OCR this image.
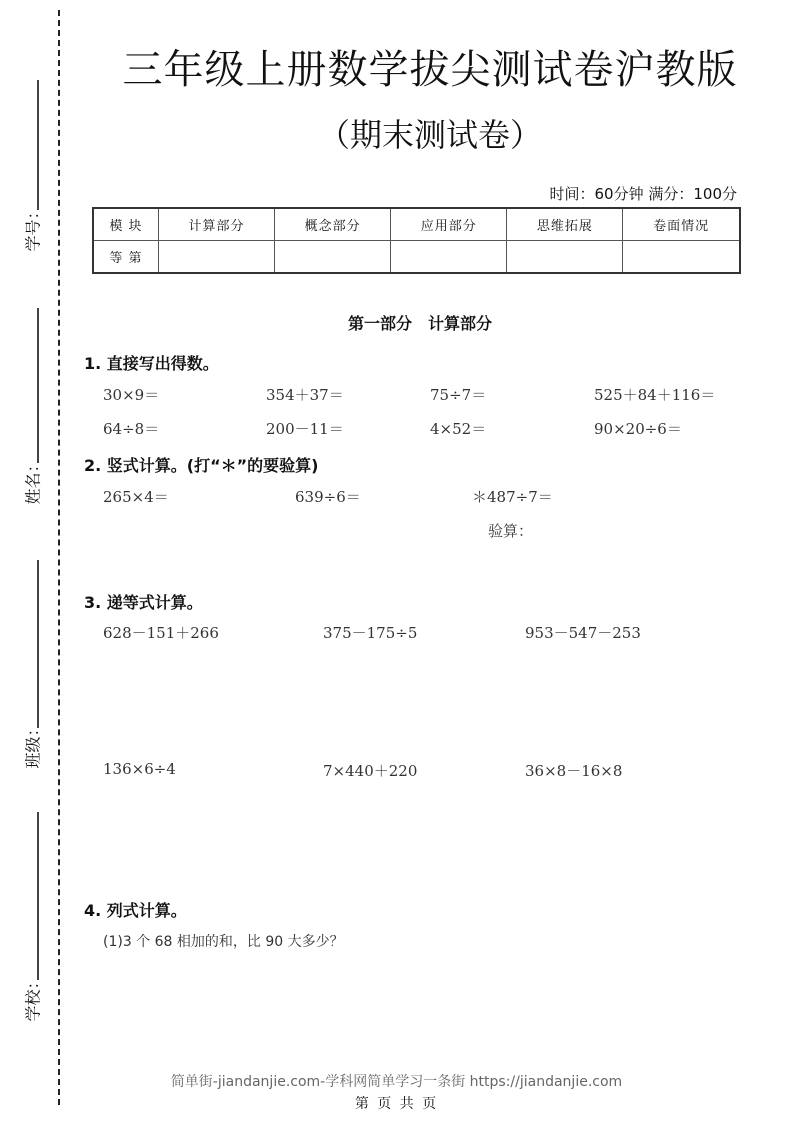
学号：
姓名：
班级：
学校：
三年级上册数学拔尖测试卷沪教版
（期末测试卷）
时间：60分钟 满分：100分
模 块	计算部分	概念部分	应用部分	思维拓展	卷面情况
等 第					
第一部分　计算部分
1. 直接写出得数。
30×9＝	354＋37＝	75÷7＝	525＋84＋116＝
64÷8＝	200－11＝	4×52＝	90×20÷6＝
2. 竖式计算。(打“＊”的要验算)
265×4＝	639÷6＝	＊487÷7＝
验算：
3. 递等式计算。
628－151＋266	375－175÷5	953－547－253
136×6÷4	7×440＋220	36×8－16×8
4. 列式计算。
(1)3 个 68 相加的和，比 90 大多少？
简单街-jiandanjie.com-学科网简单学习一条街 https://jiandanjie.com
第 页 共 页
